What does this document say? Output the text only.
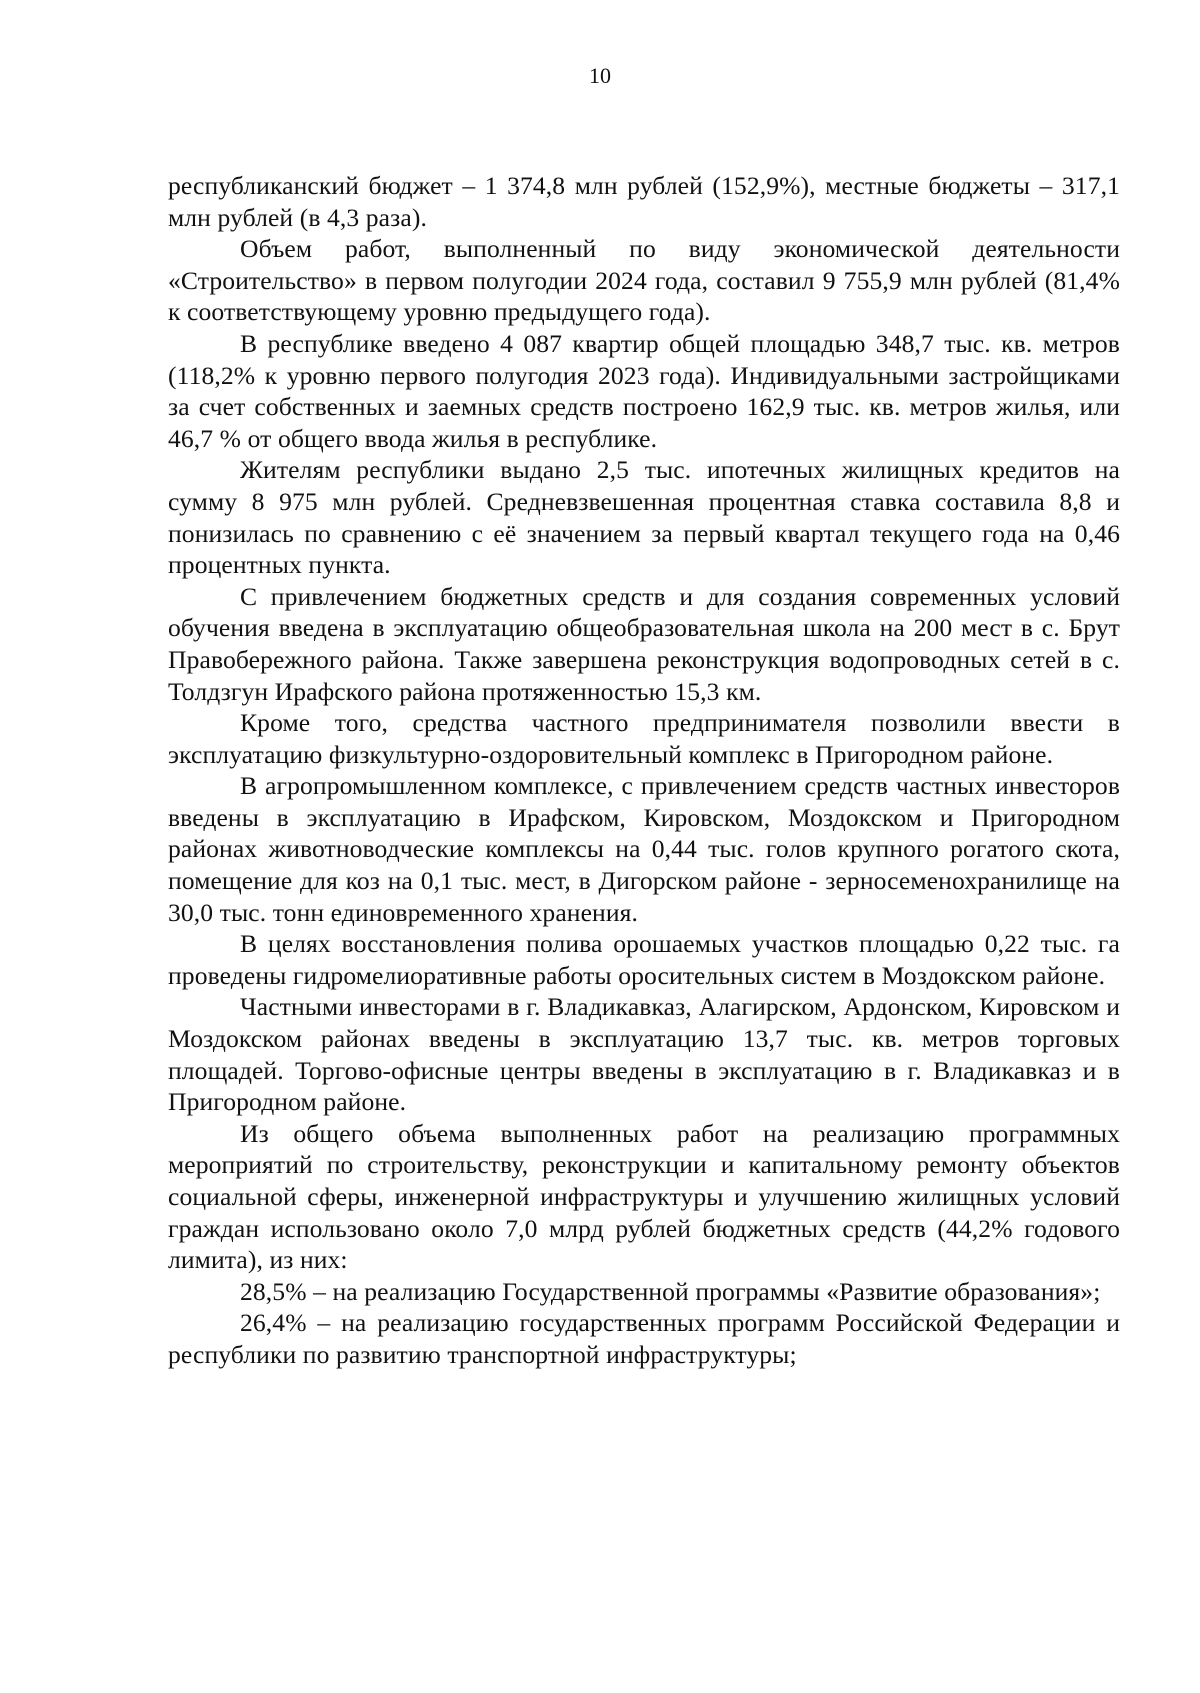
10

республиканский бюджет – 1 374,8 млн рублей (152,9%), местные бюджеты – 317,1 млн рублей (в 4,3 раза).

Объем работ, выполненный по виду экономической деятельности «Строительство» в первом полугодии 2024 года, составил 9 755,9 млн рублей (81,4% к соответствующему уровню предыдущего года).

В республике введено 4 087 квартир общей площадью 348,7 тыс. кв. метров (118,2% к уровню первого полугодия 2023 года). Индивидуальными застройщиками за счет собственных и заемных средств построено 162,9 тыс. кв. метров жилья, или 46,7 % от общего ввода жилья в республике.

Жителям республики выдано 2,5 тыс. ипотечных жилищных кредитов на сумму 8 975 млн рублей. Средневзвешенная процентная ставка составила 8,8 и понизилась по сравнению с её значением за первый квартал текущего года на 0,46 процентных пункта.

С привлечением бюджетных средств и для создания современных условий обучения введена в эксплуатацию общеобразовательная школа на 200 мест в с. Брут Правобережного района. Также завершена реконструкция водопроводных сетей в с. Толдзгун Ирафского района протяженностью 15,3 км.

Кроме того, средства частного предпринимателя позволили ввести в эксплуатацию физкультурно-оздоровительный комплекс в Пригородном районе.

В агропромышленном комплексе, с привлечением средств частных инвесторов введены в эксплуатацию в Ирафском, Кировском, Моздокском и Пригородном районах животноводческие комплексы на 0,44 тыс. голов крупного рогатого скота, помещение для коз на 0,1 тыс. мест, в Дигорском районе - зерносеменохранилище на 30,0 тыс. тонн единовременного хранения.

В целях восстановления полива орошаемых участков площадью 0,22 тыс. га проведены гидромелиоративные работы оросительных систем в Моздокском районе.

Частными инвесторами в г. Владикавказ, Алагирском, Ардонском, Кировском и Моздокском районах введены в эксплуатацию 13,7 тыс. кв. метров торговых площадей. Торгово-офисные центры введены в эксплуатацию в г. Владикавказ и в Пригородном районе.

Из общего объема выполненных работ на реализацию программных мероприятий по строительству, реконструкции и капитальному ремонту объектов социальной сферы, инженерной инфраструктуры и улучшению жилищных условий граждан использовано около 7,0 млрд рублей бюджетных средств (44,2% годового лимита), из них:

28,5% – на реализацию Государственной программы «Развитие образования»;

26,4% – на реализацию государственных программ Российской Федерации и республики по развитию транспортной инфраструктуры;
